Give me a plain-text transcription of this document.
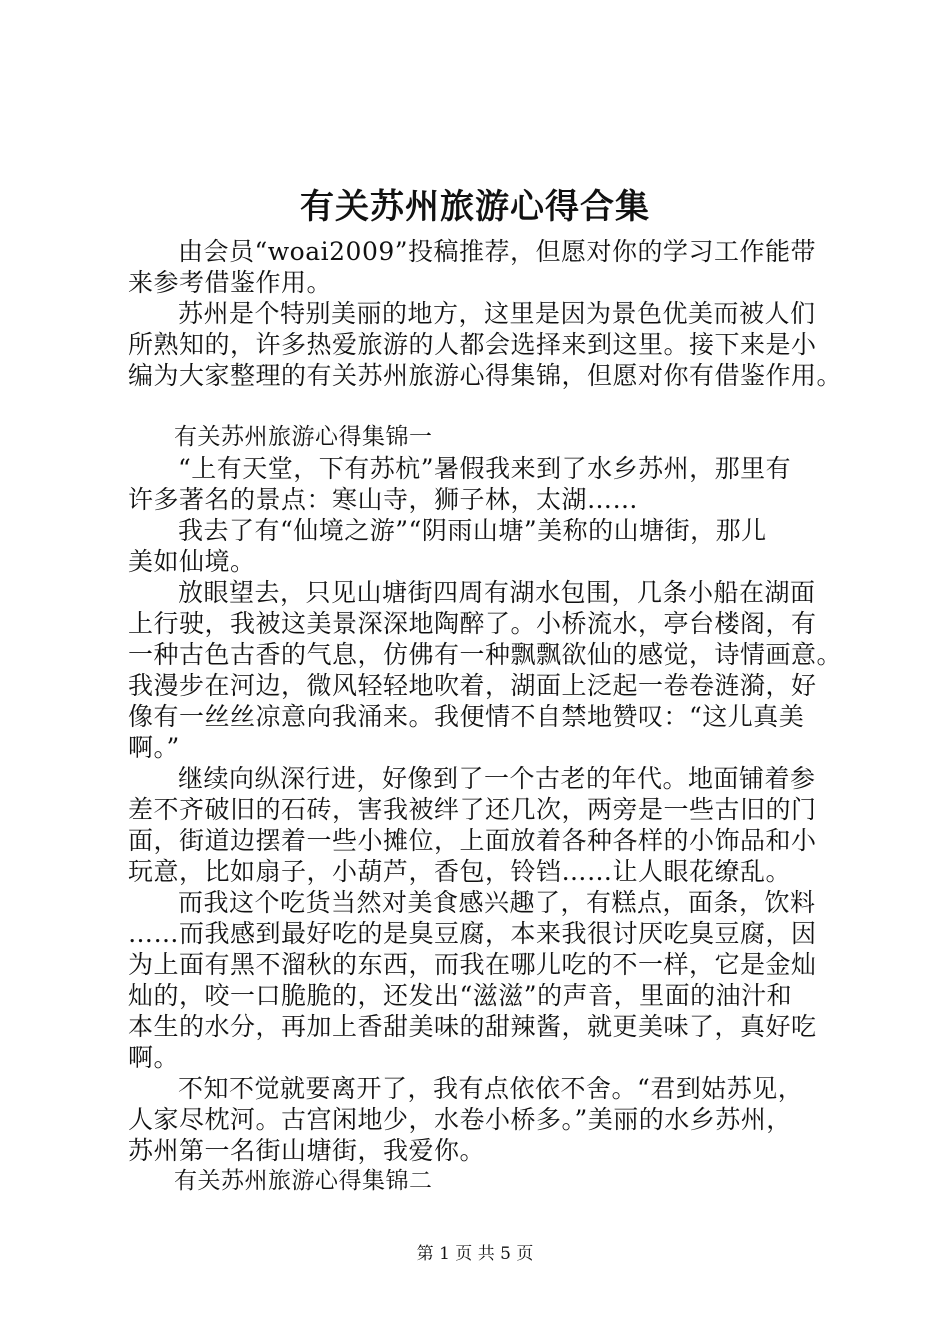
有关苏州旅游心得合集

由会员“woai2009”投稿推荐，但愿对你的学习工作能带
来参考借鉴作用。

苏州是个特别美丽的地方，这里是因为景色优美而被人们
所熟知的，许多热爱旅游的人都会选择来到这里。接下来是小
编为大家整理的有关苏州旅游心得集锦，但愿对你有借鉴作用。

有关苏州旅游心得集锦一

“上有天堂，下有苏杭”暑假我来到了水乡苏州，那里有
许多著名的景点：寒山寺，狮子林，太湖……

我去了有“仙境之游”“阴雨山塘”美称的山塘街，那儿
美如仙境。

放眼望去，只见山塘街四周有湖水包围，几条小船在湖面
上行驶，我被这美景深深地陶醉了。小桥流水，亭台楼阁，有
一种古色古香的气息，仿佛有一种飘飘欲仙的感觉，诗情画意。
我漫步在河边，微风轻轻地吹着，湖面上泛起一卷卷涟漪，好
像有一丝丝凉意向我涌来。我便情不自禁地赞叹：“这儿真美
啊。”

继续向纵深行进，好像到了一个古老的年代。地面铺着参
差不齐破旧的石砖，害我被绊了还几次，两旁是一些古旧的门
面，街道边摆着一些小摊位，上面放着各种各样的小饰品和小
玩意，比如扇子，小葫芦，香包，铃铛……让人眼花缭乱。

而我这个吃货当然对美食感兴趣了，有糕点，面条，饮料
……而我感到最好吃的是臭豆腐，本来我很讨厌吃臭豆腐，因
为上面有黑不溜秋的东西，而我在哪儿吃的不一样，它是金灿
灿的，咬一口脆脆的，还发出“滋滋”的声音，里面的油汁和
本生的水分，再加上香甜美味的甜辣酱，就更美味了，真好吃
啊。

不知不觉就要离开了，我有点依依不舍。“君到姑苏见，
人家尽枕河。古宫闲地少，水卷小桥多。”美丽的水乡苏州，
苏州第一名街山塘街，我爱你。

有关苏州旅游心得集锦二

第 1 页 共 5 页
